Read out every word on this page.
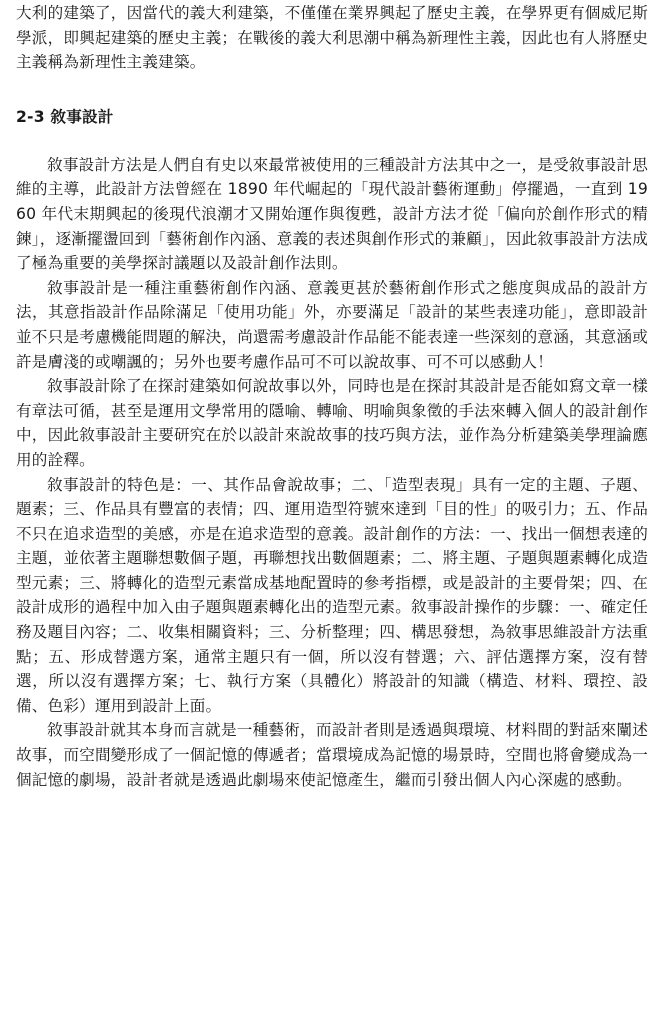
大利的建築了，因當代的義大利建築，不僅僅在業界興起了歷史主義，在學界更有個威尼斯學派，即興起建築的歷史主義；在戰後的義大利思潮中稱為新理性主義，因此也有人將歷史主義稱為新理性主義建築。

2-3 敘事設計

敘事設計方法是人們自有史以來最常被使用的三種設計方法其中之一，是受敘事設計思維的主導，此設計方法曾經在 1890 年代崛起的「現代設計藝術運動」停擺過，一直到 1960 年代末期興起的後現代浪潮才又開始運作與復甦，設計方法才從「偏向於創作形式的精鍊」，逐漸擺盪回到「藝術創作內涵、意義的表述與創作形式的兼顧」，因此敘事設計方法成了極為重要的美學探討議題以及設計創作法則。

敘事設計是一種注重藝術創作內涵、意義更甚於藝術創作形式之態度與成品的設計方法，其意指設計作品除滿足「使用功能」外，亦要滿足「設計的某些表達功能」，意即設計並不只是考慮機能問題的解決，尚還需考慮設計作品能不能表達一些深刻的意涵，其意涵或許是膚淺的或嘲諷的；另外也要考慮作品可不可以說故事、可不可以感動人！

敘事設計除了在探討建築如何說故事以外，同時也是在探討其設計是否能如寫文章一樣有章法可循，甚至是運用文學常用的隱喻、轉喻、明喻與象徵的手法來轉入個人的設計創作中，因此敘事設計主要研究在於以設計來說故事的技巧與方法，並作為分析建築美學理論應用的詮釋。

敘事設計的特色是：一、其作品會說故事；二、「造型表現」具有一定的主題、子題、題素；三、作品具有豐富的表情；四、運用造型符號來達到「目的性」的吸引力；五、作品不只在追求造型的美感，亦是在追求造型的意義。設計創作的方法：一、找出一個想表達的主題，並依著主題聯想數個子題，再聯想找出數個題素；二、將主題、子題與題素轉化成造型元素；三、將轉化的造型元素當成基地配置時的參考指標，或是設計的主要骨架；四、在設計成形的過程中加入由子題與題素轉化出的造型元素。敘事設計操作的步驟：一、確定任務及題目內容；二、收集相關資料；三、分析整理；四、構思發想，為敘事思維設計方法重點；五、形成替選方案，通常主題只有一個，所以沒有替選；六、評估選擇方案，沒有替選，所以沒有選擇方案；七、執行方案（具體化）將設計的知識（構造、材料、環控、設備、色彩）運用到設計上面。

敘事設計就其本身而言就是一種藝術，而設計者則是透過與環境、材料間的對話來闡述故事，而空間變形成了一個記憶的傳遞者；當環境成為記憶的場景時，空間也將會變成為一個記憶的劇場，設計者就是透過此劇場來使記憶產生，繼而引發出個人內心深處的感動。
